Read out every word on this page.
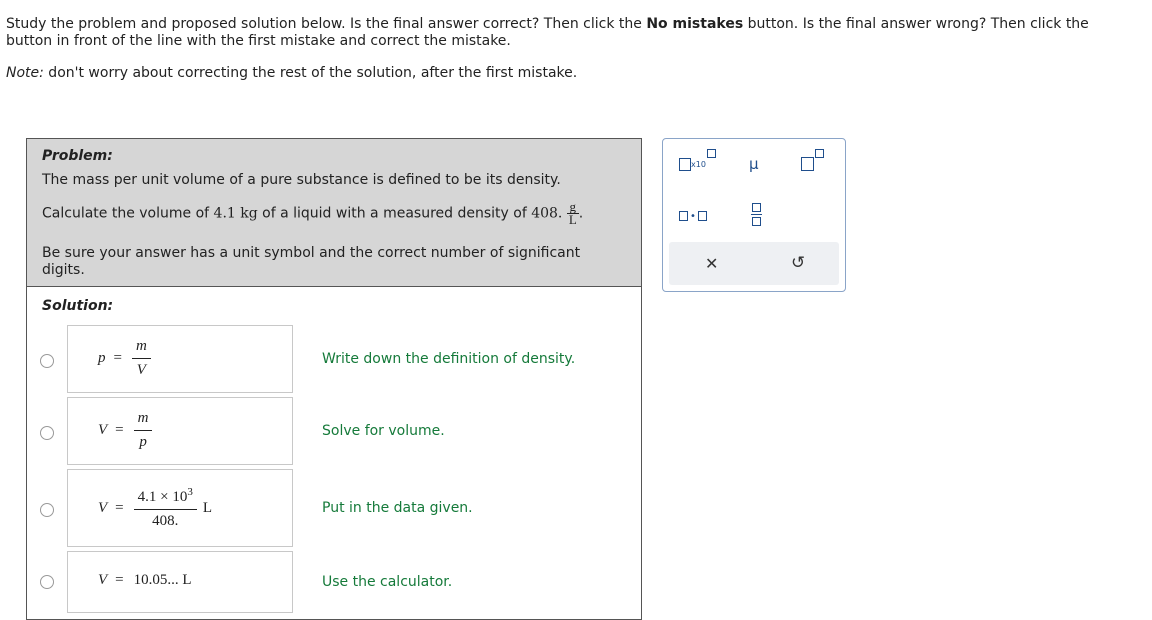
Study the problem and proposed solution below. Is the final answer correct? Then click the No mistakes button. Is the final answer wrong? Then click the button in front of the line with the first mistake and correct the mistake.

Note: don't worry about correcting the rest of the solution, after the first mistake.
Problem:
The mass per unit volume of a pure substance is defined to be its density.
Calculate the volume of 4.1 kg of a liquid with a measured density of 408. $\frac{g}{L}$ .
Be sure your answer has a unit symbol and the correct number of significant digits.
Solution:
$p = \frac{m}{V}$	Write down the definition of density.
$V = \frac{m}{p}$	Solve for volume.
$V = \frac{4.1 \times 10^3}{408.}$ L	Put in the data given.
V = 10.05... L	Use the calculator.
x10	μ
•
✕	↺
